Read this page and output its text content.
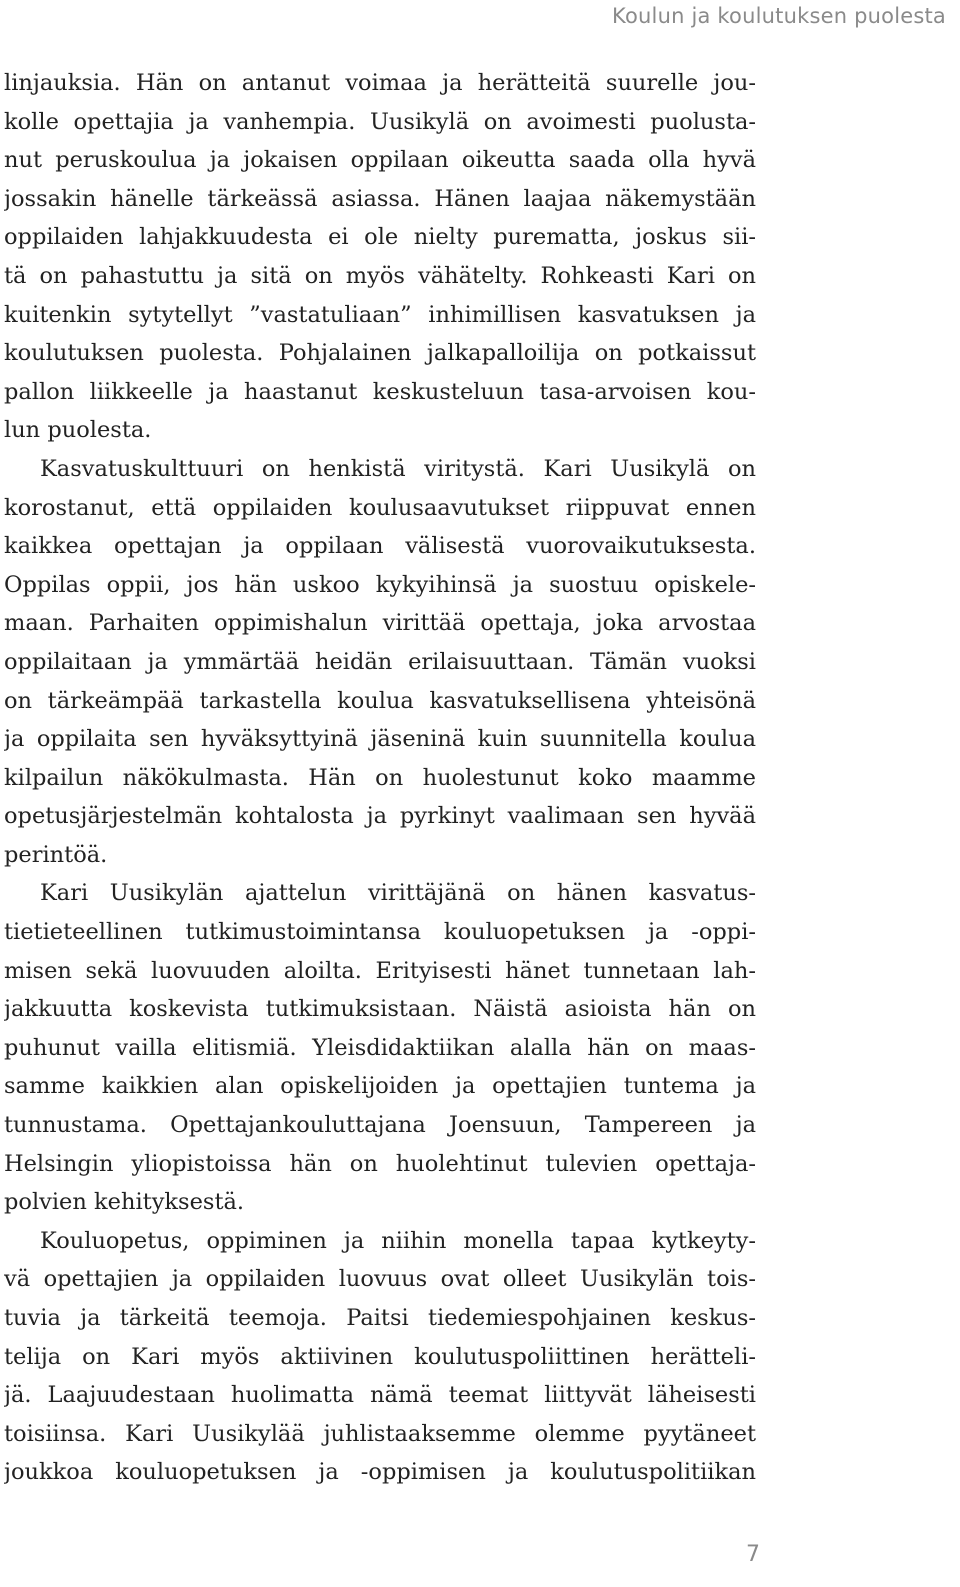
Koulun ja koulutuksen puolesta
linjauksia. Hän on antanut voimaa ja herätteitä suurelle jou-
kolle opettajia ja vanhempia. Uusikylä on avoimesti puolusta-
nut peruskoulua ja jokaisen oppilaan oikeutta saada olla hyvä
jossakin hänelle tärkeässä asiassa. Hänen laajaa näkemystään
oppilaiden lahjakkuudesta ei ole nielty purematta, joskus sii-
tä on pahastuttu ja sitä on myös vähätelty. Rohkeasti Kari on
kuitenkin sytytellyt ”vastatuliaan” inhimillisen kasvatuksen ja
koulutuksen puolesta. Pohjalainen jalkapalloilija on potkaissut
pallon liikkeelle ja haastanut keskusteluun tasa-arvoisen kou-
lun puolesta.
Kasvatuskulttuuri on henkistä viritystä. Kari Uusikylä on
korostanut, että oppilaiden koulusaavutukset riippuvat ennen
kaikkea opettajan ja oppilaan välisestä vuorovaikutuksesta.
Oppilas oppii, jos hän uskoo kykyihinsä ja suostuu opiskele-
maan. Parhaiten oppimishalun virittää opettaja, joka arvostaa
oppilaitaan ja ymmärtää heidän erilaisuuttaan. Tämän vuoksi
on tärkeämpää tarkastella koulua kasvatuksellisena yhteisönä
ja oppilaita sen hyväksyttyinä jäseninä kuin suunnitella koulua
kilpailun näkökulmasta. Hän on huolestunut koko maamme
opetusjärjestelmän kohtalosta ja pyrkinyt vaalimaan sen hyvää
perintöä.
Kari Uusikylän ajattelun virittäjänä on hänen kasvatus-
tietieteellinen tutkimustoimintansa kouluopetuksen ja -oppi-
misen sekä luovuuden aloilta. Erityisesti hänet tunnetaan lah-
jakkuutta koskevista tutkimuksistaan. Näistä asioista hän on
puhunut vailla elitismiä. Yleisdidaktiikan alalla hän on maas-
samme kaikkien alan opiskelijoiden ja opettajien tuntema ja
tunnustama. Opettajankouluttajana Joensuun, Tampereen ja
Helsingin yliopistoissa hän on huolehtinut tulevien opettaja-
polvien kehityksestä.
Kouluopetus, oppiminen ja niihin monella tapaa kytkeyty-
vä opettajien ja oppilaiden luovuus ovat olleet Uusikylän tois-
tuvia ja tärkeitä teemoja. Paitsi tiedemiespohjainen keskus-
telija on Kari myös aktiivinen koulutuspoliittinen herätteli-
jä. Laajuudestaan huolimatta nämä teemat liittyvät läheisesti
toisiinsa. Kari Uusikylää juhlistaaksemme olemme pyytäneet
joukkoa kouluopetuksen ja -oppimisen ja koulutuspolitiikan
7
